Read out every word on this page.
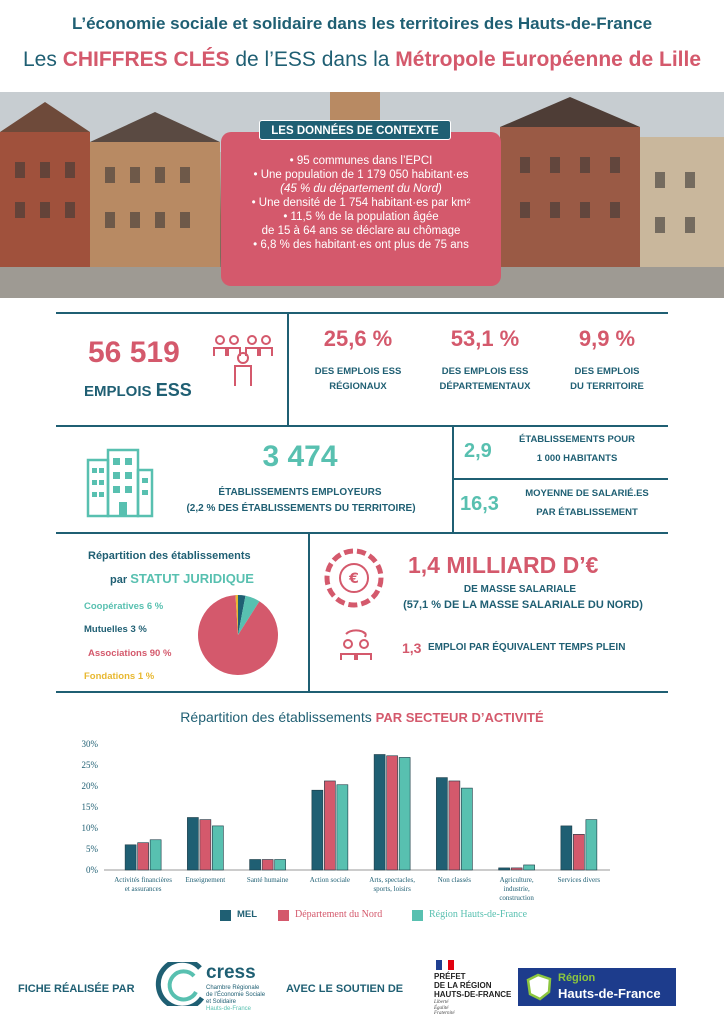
L’économie sociale et solidaire dans les territoires des Hauts-de-France
Les CHIFFRES CLÉS de l’ESS dans la Métropole Européenne de Lille
• 95 communes dans l’EPCI
• Une population de 1 179 050 habitant·es
(45 % du département du Nord)
• Une densité de 1 754 habitant·es par km²
• 11,5 % de la population âgée
de 15 à 64 ans se déclare au chômage
• 6,8 % des habitant·es ont plus de 75 ans
LES DONNÉES DE CONTEXTE
56 519
EMPLOIS ESS
25,6 %
DES EMPLOIS ESS
RÉGIONAUX
53,1 %
DES EMPLOIS ESS
DÉPARTEMENTAUX
9,9 %
DES EMPLOIS
DU TERRITOIRE
3 474
ÉTABLISSEMENTS EMPLOYEURS
(2,2 % DES ÉTABLISSEMENTS DU TERRITOIRE)
2,9
ÉTABLISSEMENTS POUR
1 000 HABITANTS
16,3	MOYENNE DE SALARIÉ.ES
PAR ÉTABLISSEMENT
Répartition des établissements
par STATUT JURIDIQUE
Coopératives 6 %
Mutuelles 3 %
Associations 90 %
Fondations 1 %
€
1,4 MILLIARD D’€
DE MASSE SALARIALE
(57,1 % DE LA MASSE SALARIALE DU NORD)
1,3 EMPLOI PAR ÉQUIVALENT TEMPS PLEIN
Répartition des établissements PAR SECTEUR D’ACTIVITÉ
0%
5%
10%
15%
20%
25%
30%
Activités financières
et assurances
Enseignement	Santé humaine	Action sociale	Arts, spectacles,
sports, loisirs
Non classés	Agriculture,
industrie,
construction
Services divers
MEL	Département du Nord	Région Hauts-de-France
FICHE RÉALISÉE PAR
cress
Chambre Régionale
de l’Économie Sociale
et Solidaire
Hauts-de-France
AVEC LE SOUTIEN DE
PRÉFET
DE LA RÉGION
HAUTS-DE-FRANCE
Liberté
Égalité
Fraternité
Région
Hauts-de-France
